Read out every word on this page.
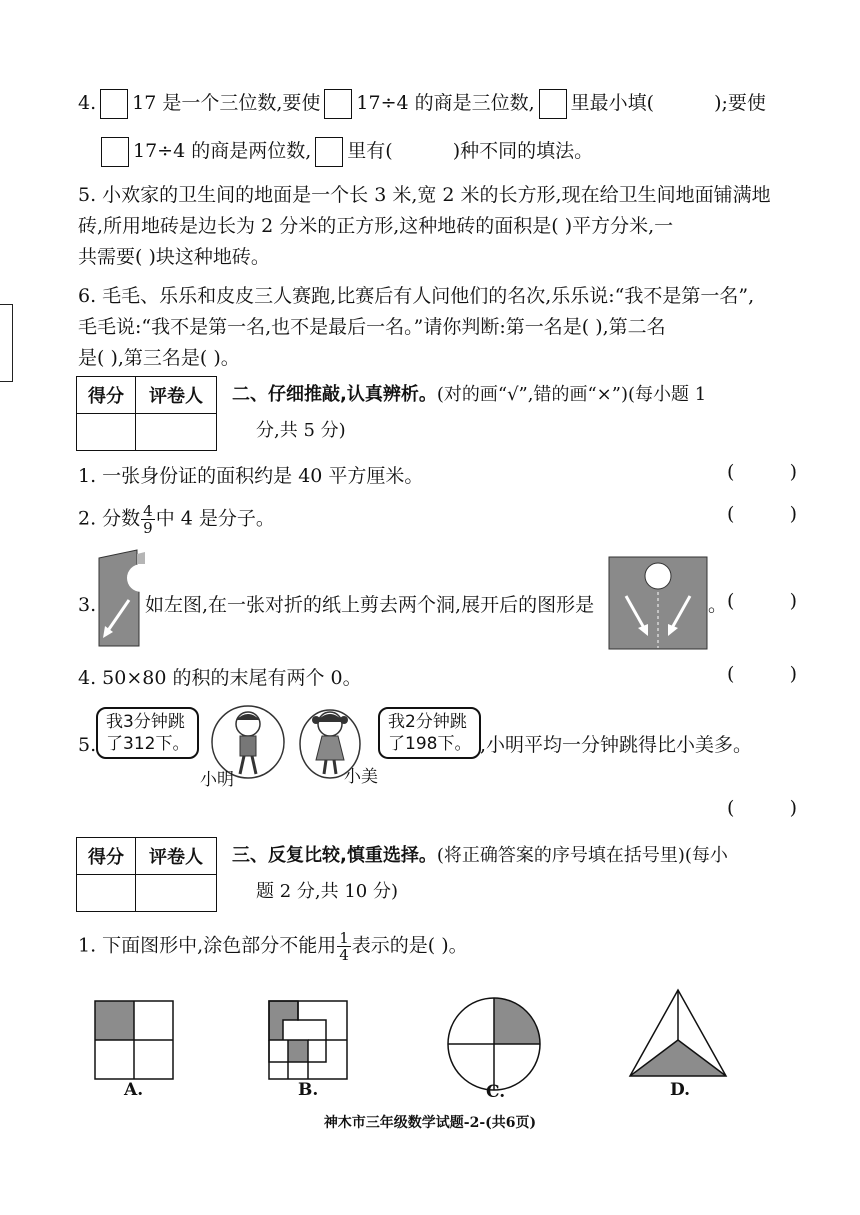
4. 17 是一个三位数,要使 17÷4 的商是三位数, 里最小填(	);要使
17÷4 的商是两位数, 里有(	)种不同的填法。
5. 小欢家的卫生间的地面是一个长 3 米,宽 2 米的长方形,现在给卫生间地面铺满地
砖,所用地砖是边长为 2 分米的正方形,这种地砖的面积是( )平方分米,一
共需要( )块这种地砖。
6. 毛毛、乐乐和皮皮三人赛跑,比赛后有人问他们的名次,乐乐说:“我不是第一名”,
毛毛说:“我不是第一名,也不是最后一名。”请你判断:第一名是( ),第二名
是( ),第三名是( )。
得分	评卷人
	二、仔细推敲,认真辨析。(对的画“√”,错的画“×”)(每小题 1
分,共 5 分)
1. 一张身份证的面积约是 40 平方厘米。	(	)
2. 分数 $\frac{4}{9}$ 中 4 是分子。	(	)
3.	如左图,在一张对折的纸上剪去两个洞,展开后的图形是	。 (	)
4. 50×80 的积的末尾有两个 0。	(	)
5.
我3分钟跳
了312下。
我2分钟跳
了198下。
小明	小美
,小明平均一分钟跳得比小美多。
(	)
得分	评卷人
	三、反复比较,慎重选择。(将正确答案的序号填在括号里)(每小
题 2 分,共 10 分)
1. 下面图形中,涂色部分不能用 $\frac{1}{4}$ 表示的是( )。
A.	B.	C.	D.
神木市三年级数学试题-2-(共6页)
